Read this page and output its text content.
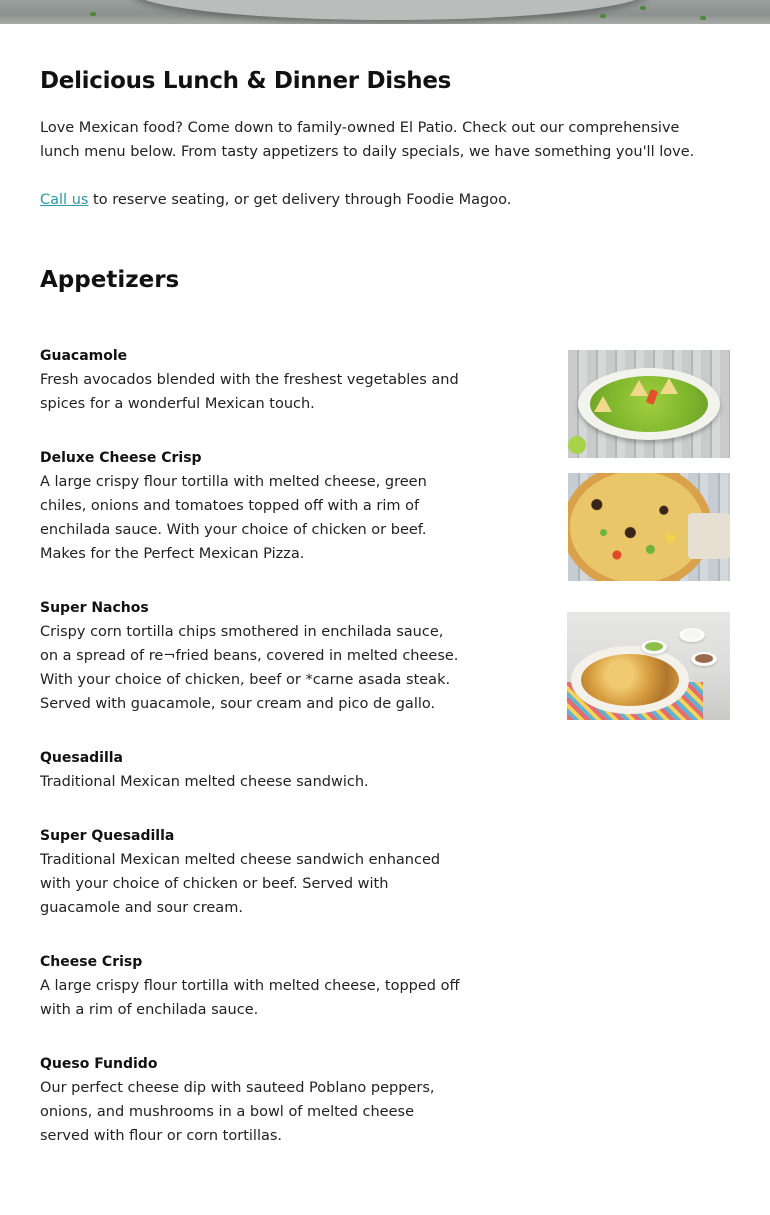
Delicious Lunch & Dinner Dishes

Love Mexican food? Come down to family-owned El Patio. Check out our comprehensive lunch menu below. From tasty appetizers to daily specials, we have something you'll love.

Call us to reserve seating, or get delivery through Foodie Magoo.

Appetizers
Guacamole
Fresh avocados blended with the freshest vegetables and spices for a wonderful Mexican touch.
Deluxe Cheese Crisp
A large crispy flour tortilla with melted cheese, green chiles, onions and tomatoes topped off with a rim of enchilada sauce. With your choice of chicken or beef. Makes for the Perfect Mexican Pizza.
Super Nachos
Crispy corn tortilla chips smothered in enchilada sauce, on a spread of re¬fried beans, covered in melted cheese. With your choice of chicken, beef or *carne asada steak. Served with guacamole, sour cream and pico de gallo.
Quesadilla
Traditional Mexican melted cheese sandwich.
Super Quesadilla
Traditional Mexican melted cheese sandwich enhanced with your choice of chicken or beef. Served with guacamole and sour cream.
Cheese Crisp
A large crispy flour tortilla with melted cheese, topped off with a rim of enchilada sauce.
Queso Fundido
Our perfect cheese dip with sauteed Poblano peppers, onions, and mushrooms in a bowl of melted cheese served with flour or corn tortillas.
